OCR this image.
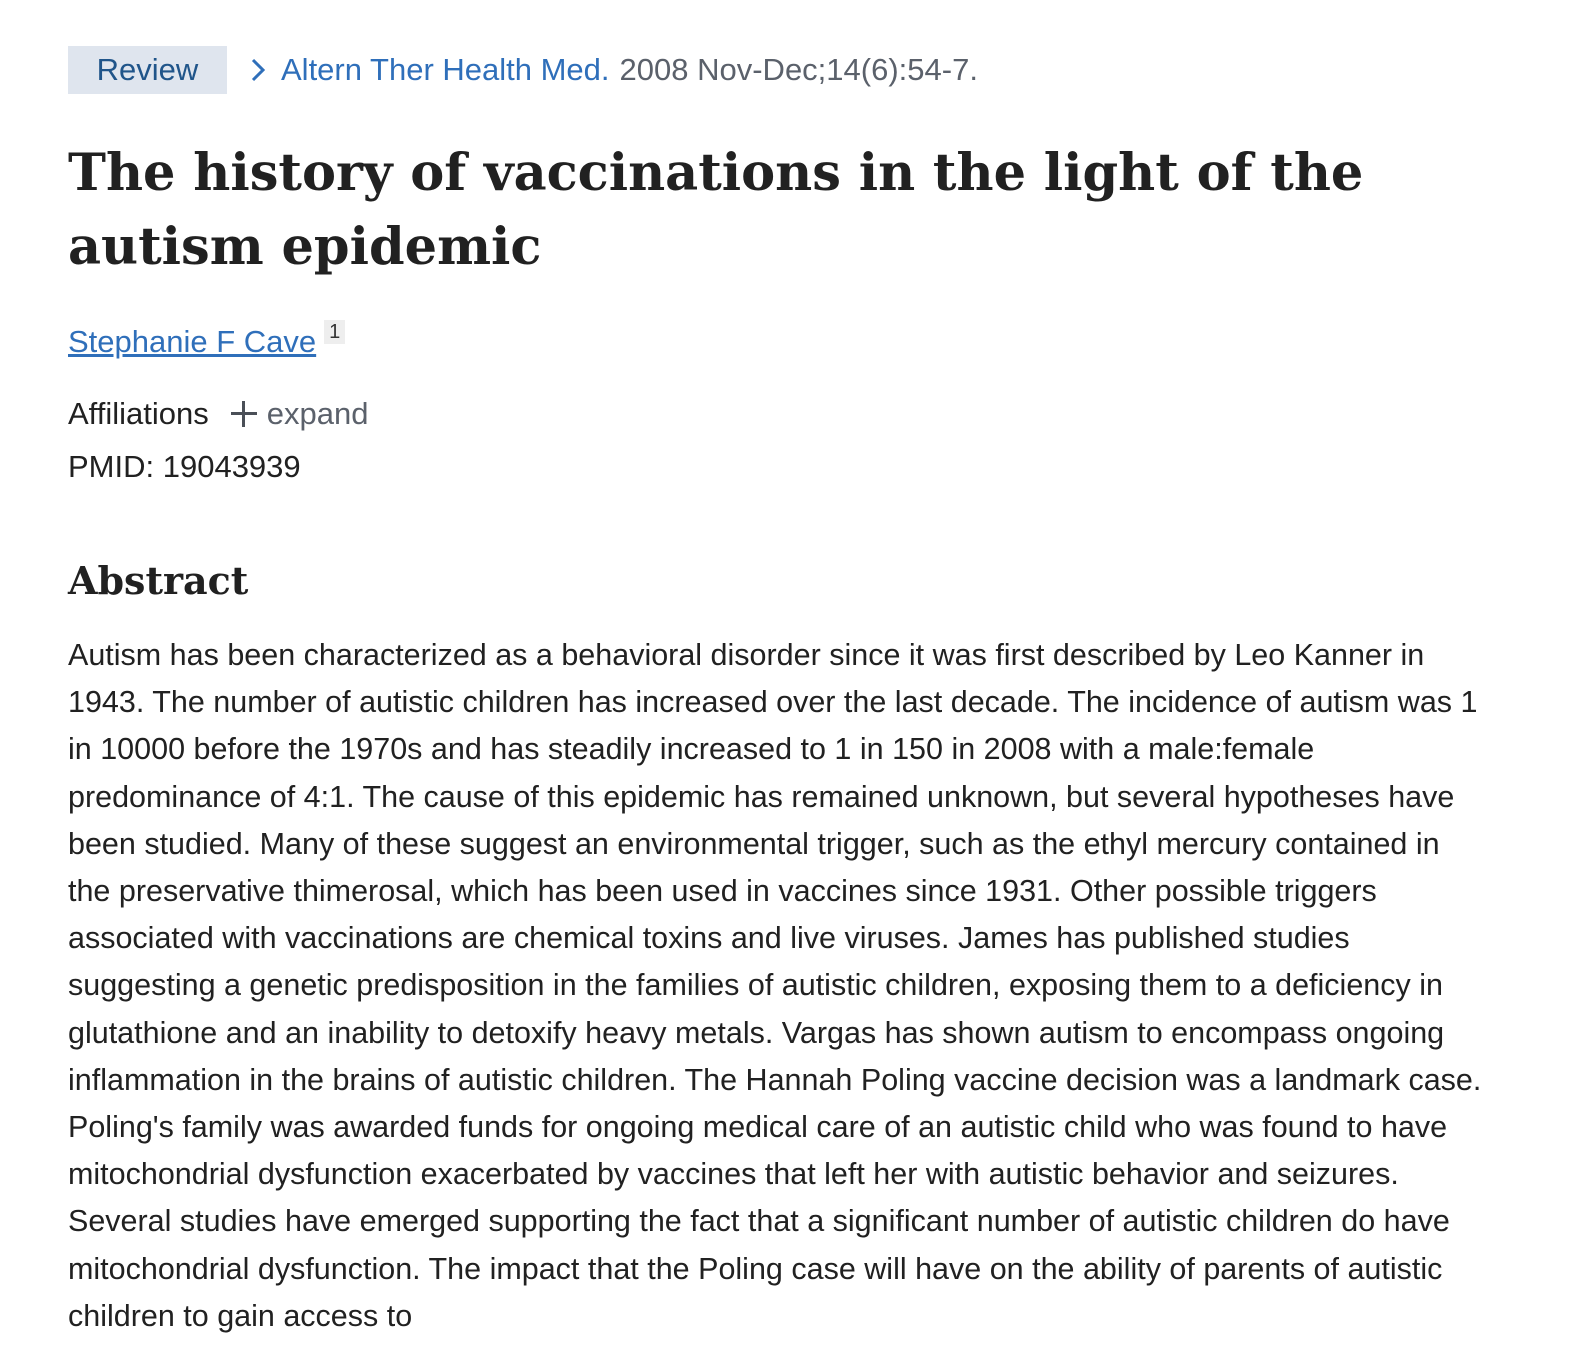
Review	Altern Ther Health Med. 2008 Nov-Dec;14(6):54-7.
The history of vaccinations in the light of the autism epidemic
Stephanie F Cave 1
Affiliations expand
PMID: 19043939
Abstract

Autism has been characterized as a behavioral disorder since it was first described by Leo Kanner in 1943. The number of autistic children has increased over the last decade. The incidence of autism was 1 in 10000 before the 1970s and has steadily increased to 1 in 150 in 2008 with a male:female predominance of 4:1. The cause of this epidemic has remained unknown, but several hypotheses have been studied. Many of these suggest an environmental trigger, such as the ethyl mercury contained in the preservative thimerosal, which has been used in vaccines since 1931. Other possible triggers associated with vaccinations are chemical toxins and live viruses. James has published studies suggesting a genetic predisposition in the families of autistic children, exposing them to a deficiency in glutathione and an inability to detoxify heavy metals. Vargas has shown autism to encompass ongoing inflammation in the brains of autistic children. The Hannah Poling vaccine decision was a landmark case. Poling's family was awarded funds for ongoing medical care of an autistic child who was found to have mitochondrial dysfunction exacerbated by vaccines that left her with autistic behavior and seizures. Several studies have emerged supporting the fact that a significant number of autistic children do have mitochondrial dysfunction. The impact that the Poling case will have on the ability of parents of autistic children to gain access to
